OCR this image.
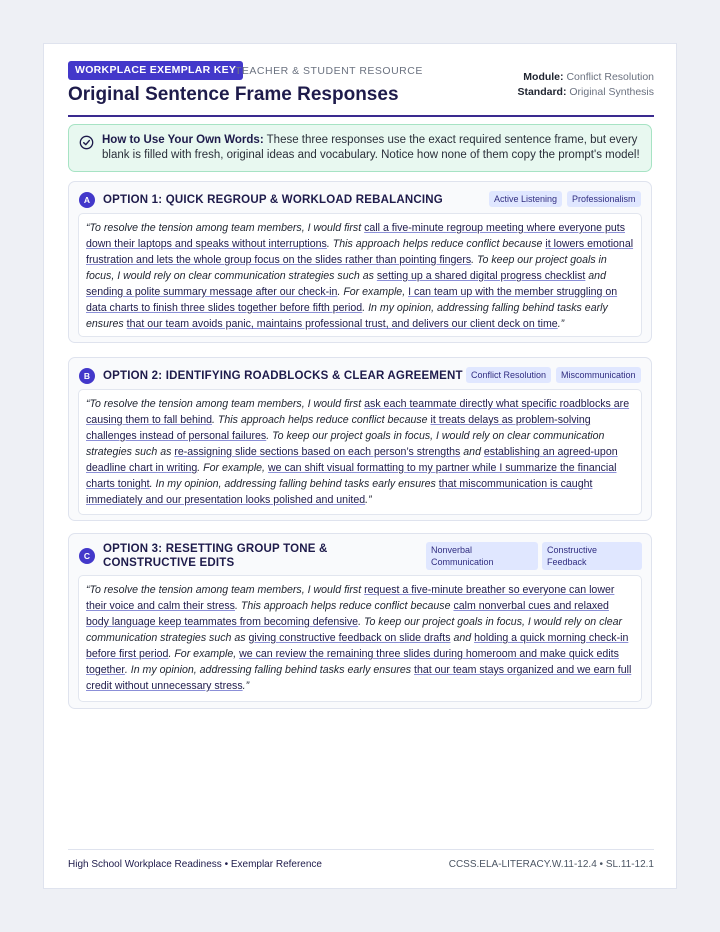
WORKPLACE EXEMPLAR KEY
TEACHER & STUDENT RESOURCE
Original Sentence Frame Responses
Module: Conflict Resolution
Standard: Original Synthesis

How to Use Your Own Words: These three responses use the exact required sentence frame, but every blank is filled with fresh, original ideas and vocabulary. Notice how none of them copy the prompt's model!

A	OPTION 1: QUICK REGROUP & WORKLOAD REBALANCING	Active Listening	Professionalism
“To resolve the tension among team members, I would first call a five-minute regroup meeting where everyone puts down their laptops and speaks without interruptions. This approach helps reduce conflict because it lowers emotional frustration and lets the whole group focus on the slides rather than pointing fingers. To keep our project goals in focus, I would rely on clear communication strategies such as setting up a shared digital progress checklist and sending a polite summary message after our check-in. For example, I can team up with the member struggling on data charts to finish three slides together before fifth period. In my opinion, addressing falling behind tasks early ensures that our team avoids panic, maintains professional trust, and delivers our client deck on time.”
B	OPTION 2: IDENTIFYING ROADBLOCKS & CLEAR AGREEMENT Conflict Resolution	Miscommunication
“To resolve the tension among team members, I would first ask each teammate directly what specific roadblocks are causing them to fall behind. This approach helps reduce conflict because it treats delays as problem-solving challenges instead of personal failures. To keep our project goals in focus, I would rely on clear communication strategies such as re-assigning slide sections based on each person’s strengths and establishing an agreed-upon deadline chart in writing. For example, we can shift visual formatting to my partner while I summarize the financial charts tonight. In my opinion, addressing falling behind tasks early ensures that miscommunication is caught immediately and our presentation looks polished and united.”
C
OPTION 3: RESETTING GROUP TONE & CONSTRUCTIVE EDITS
Nonverbal Communication
Constructive Feedback
“To resolve the tension among team members, I would first request a five-minute breather so everyone can lower their voice and calm their stress. This approach helps reduce conflict because calm nonverbal cues and relaxed body language keep teammates from becoming defensive. To keep our project goals in focus, I would rely on clear communication strategies such as giving constructive feedback on slide drafts and holding a quick morning check-in before first period. For example, we can review the remaining three slides during homeroom and make quick edits together. In my opinion, addressing falling behind tasks early ensures that our team stays organized and we earn full credit without unnecessary stress.”
High School Workplace Readiness • Exemplar Reference	CCSS.ELA-LITERACY.W.11-12.4 • SL.11-12.1
